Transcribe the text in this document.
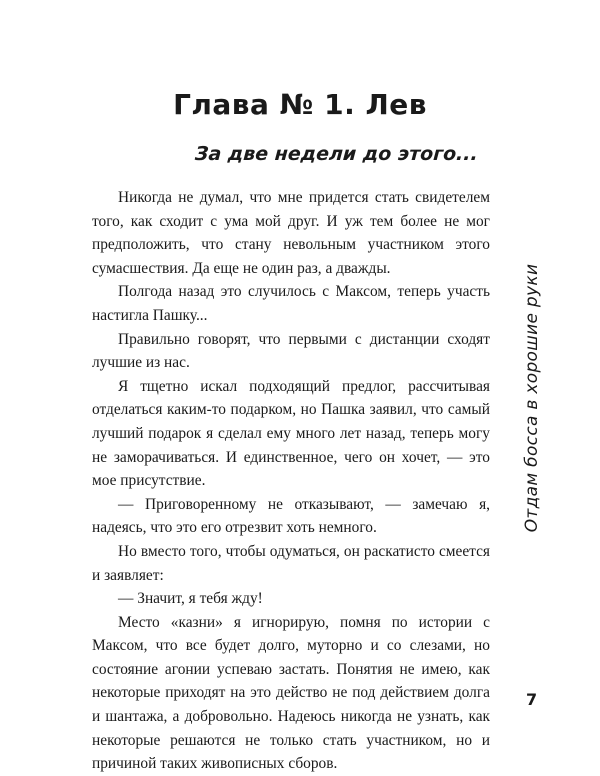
Глава № 1. Лев
За две недели до этого...

Никогда не думал, что мне придется стать свидетелем того, как сходит с ума мой друг. И уж тем более не мог предположить, что стану невольным участником этого сумасшествия. Да еще не один раз, а дважды.

Полгода назад это случилось с Максом, теперь участь настигла Пашку...

Правильно говорят, что первыми с дистанции сходят лучшие из нас.

Я тщетно искал подходящий предлог, рассчитывая отделаться каким-то подарком, но Пашка заявил, что самый лучший подарок я сделал ему много лет назад, теперь могу не заморачиваться. И единственное, чего он хочет, — это мое присутствие.

— Приговоренному не отказывают, — замечаю я, надеясь, что это его отрезвит хоть немного.

Но вместо того, чтобы одуматься, он раскатисто смеется и заявляет:

— Значит, я тебя жду!

Место «казни» я игнорирую, помня по истории с Максом, что все будет долго, муторно и со слезами, но состояние агонии успеваю застать. Понятия не имею, как некоторые приходят на это действо не под действием долга и шантажа, а добровольно. Надеюсь никогда не узнать, как некоторые решаются не только стать участником, но и причиной таких живописных сборов.

Отдам боссa в хорошие руки
7
